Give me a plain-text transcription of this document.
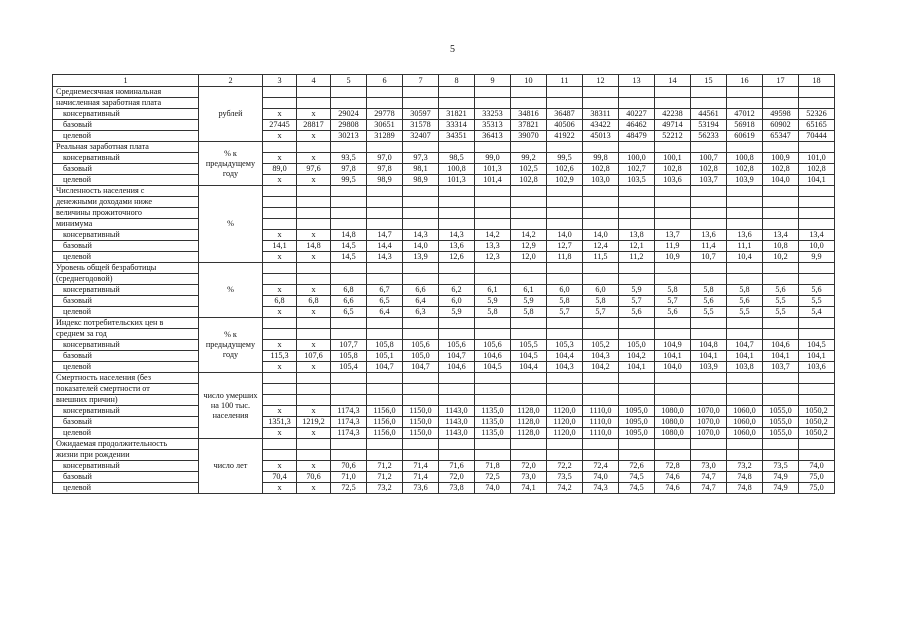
5
1	2	3	4	5	6	7	8	9	10	11	12	13	14	15	16	17	18
Среднемесячная номинальная	рублей																
начисленная заработная плата																	
консервативный		x	x	29024	29778	30597	31821	33253	34816	36487	38311	40227	42238	44561	47012	49598	52326
базовый		27445	28817	29808	30651	31578	33314	35313	37821	40506	43422	46462	49714	53194	56918	60902	65165
целевой		x	x	30213	31289	32407	34351	36413	39070	41922	45013	48479	52212	56233	60619	65347	70444
Реальная заработная плата	% к предыдущему году																
консервативный		x	x	93,5	97,0	97,3	98,5	99,0	99,2	99,5	99,8	100,0	100,1	100,7	100,8	100,9	101,0
базовый		89,0	97,6	97,8	97,8	98,1	100,8	101,3	102,5	102,6	102,8	102,7	102,8	102,8	102,8	102,8	102,8
целевой		x	x	99,5	98,9	98,9	101,3	101,4	102,8	102,9	103,0	103,5	103,6	103,7	103,9	104,0	104,1
Численность населения с	%																
денежными доходами ниже																	
величины прожиточного																	
минимума																	
консервативный		x	x	14,8	14,7	14,3	14,3	14,2	14,2	14,0	14,0	13,8	13,7	13,6	13,6	13,4	13,4
базовый		14,1	14,8	14,5	14,4	14,0	13,6	13,3	12,9	12,7	12,4	12,1	11,9	11,4	11,1	10,8	10,0
целевой		x	x	14,5	14,3	13,9	12,6	12,3	12,0	11,8	11,5	11,2	10,9	10,7	10,4	10,2	9,9
Уровень общей безработицы	%																
(среднегодовой)																	
консервативный		x	x	6,8	6,7	6,6	6,2	6,1	6,1	6,0	6,0	5,9	5,8	5,8	5,8	5,6	5,6
базовый		6,8	6,8	6,6	6,5	6,4	6,0	5,9	5,9	5,8	5,8	5,7	5,7	5,6	5,6	5,5	5,5
целевой		x	x	6,5	6,4	6,3	5,9	5,8	5,8	5,7	5,7	5,6	5,6	5,5	5,5	5,5	5,4
Индекс потребительских цен в	% к предыдущему году																
среднем за год																	
консервативный		x	x	107,7	105,8	105,6	105,6	105,6	105,5	105,3	105,2	105,0	104,9	104,8	104,7	104,6	104,5
базовый		115,3	107,6	105,8	105,1	105,0	104,7	104,6	104,5	104,4	104,3	104,2	104,1	104,1	104,1	104,1	104,1
целевой		x	x	105,4	104,7	104,7	104,6	104,5	104,4	104,3	104,2	104,1	104,0	103,9	103,8	103,7	103,6
Смертность населения (без	число умерших на 100 тыс. населения																
показателей смертности от																	
внешних причин)																	
консервативный		x	x	1174,3	1156,0	1150,0	1143,0	1135,0	1128,0	1120,0	1110,0	1095,0	1080,0	1070,0	1060,0	1055,0	1050,2
базовый		1351,3	1219,2	1174,3	1156,0	1150,0	1143,0	1135,0	1128,0	1120,0	1110,0	1095,0	1080,0	1070,0	1060,0	1055,0	1050,2
целевой		x	x	1174,3	1156,0	1150,0	1143,0	1135,0	1128,0	1120,0	1110,0	1095,0	1080,0	1070,0	1060,0	1055,0	1050,2
Ожидаемая продолжительность	число лет																
жизни при рождении																	
консервативный		x	x	70,6	71,2	71,4	71,6	71,8	72,0	72,2	72,4	72,6	72,8	73,0	73,2	73,5	74,0
базовый		70,4	70,6	71,0	71,2	71,4	72,0	72,5	73,0	73,5	74,0	74,5	74,6	74,7	74,8	74,9	75,0
целевой		x	x	72,5	73,2	73,6	73,8	74,0	74,1	74,2	74,3	74,5	74,6	74,7	74,8	74,9	75,0
